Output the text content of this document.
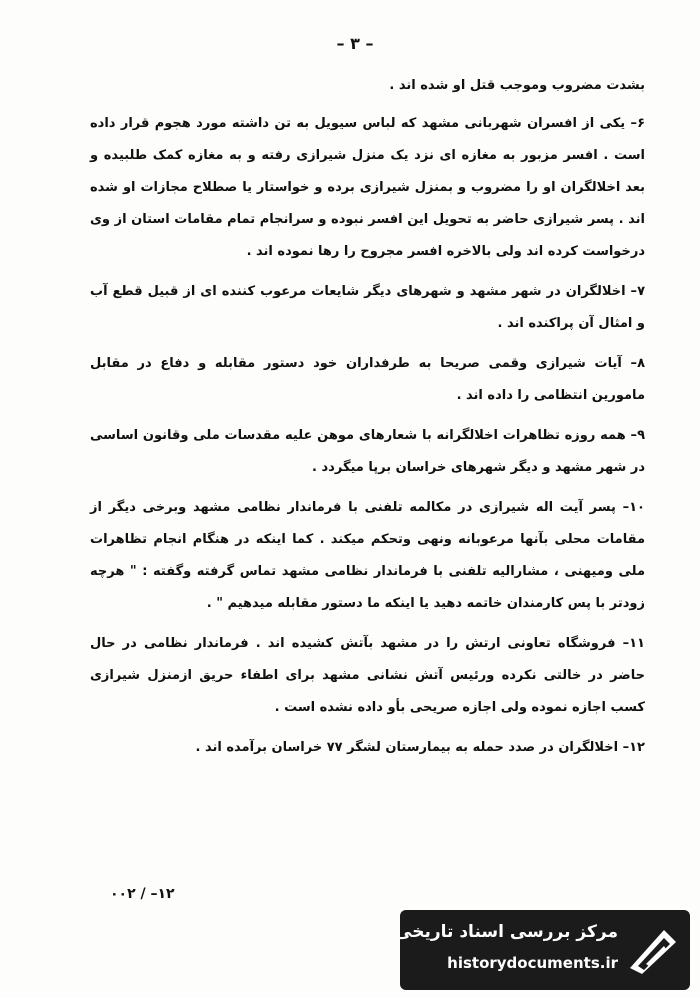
– ۳ –

بشدت مضروب وموجب قتل او شده اند .

۶– یکی از افسران شهربانی مشهد که لباس سیویل به تن داشته مورد هجوم قرار داده است . افسر مزبور به مغازه ای نزد یک منزل شیرازی رفته و به مغازه کمک طلبیده و بعد اخلالگران او را مضروب و بمنزل شیرازی برده و خواستار یا صطلاح مجازات او شده اند . پسر شیرازی حاضر به تحویل این افسر نبوده و سرانجام تمام مقامات استان از وی درخواست کرده اند ولی بالاخره افسر مجروح را رها نموده اند .

۷– اخلالگران در شهر مشهد و شهرهای دیگر شایعات مرعوب کننده ای از قبیل قطع آب و امثال آن پراکنده اند .

۸– آیات شیرازی وقمی صریحا به طرفداران خود دستور مقابله و دفاع در مقابل مامورین انتظامی را داده اند .

۹– همه روزه تظاهرات اخلالگرانه با شعارهای موهن علیه مقدسات ملی وقانون اساسی در شهر مشهد و دیگر شهرهای خراسان برپا میگردد .

۱۰– پسر آیت اله شیرازی در مکالمه تلفنی با فرماندار نظامی مشهد وبرخی دیگر از مقامات محلی بآنها مرعوبانه ونهی وتحکم میکند . کما اینکه در هنگام انجام تظاهرات ملی ومیهنی ، مشارالیه تلفنی با فرماندار نظامی مشهد تماس گرفته وگفته : " هرچه زودتر با پس کارمندان خاتمه دهید یا اینکه ما دستور مقابله میدهیم " .

۱۱– فروشگاه تعاونی ارتش را در مشهد بآتش کشیده اند . فرماندار نظامی در حال حاضر در خالتی نکرده ورئیس آتش نشانی مشهد برای اطفاء حریق ازمنزل شیرازی کسب اجازه نموده ولی اجازه صریحی بأو داده نشده است .

۱۲– اخلالگران در صدد حمله به بیمارستان لشگر ۷۷ خراسان برآمده اند .

۱۲– / ۰۰۲
مرکز بررسی اسناد تاریخی
historydocuments.ir
